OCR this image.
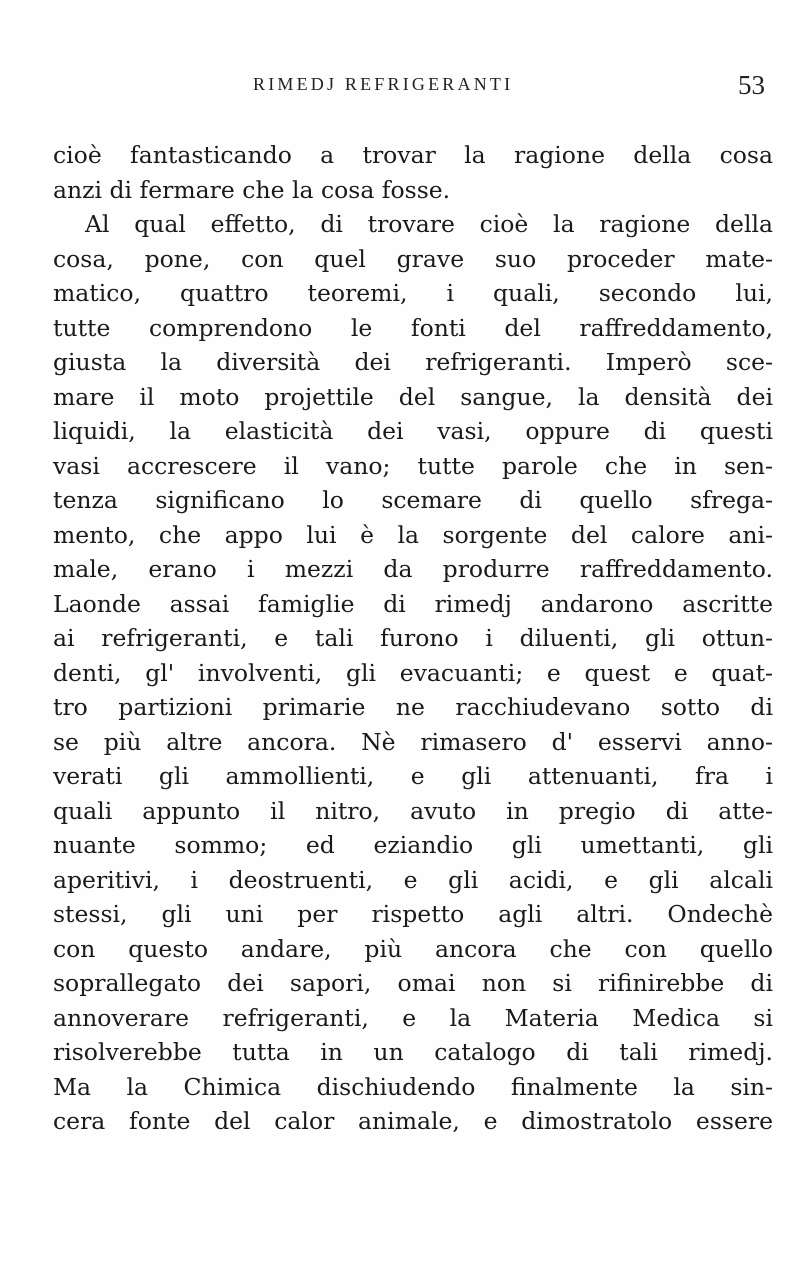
RIMEDJ REFRIGERANTI	53
cioè fantasticando a trovar la ragione della cosa
anzi di fermare che la cosa fosse.
Al qual effetto, di trovare cioè la ragione della
cosa, pone, con quel grave suo proceder mate-
matico, quattro teoremi, i quali, secondo lui,
tutte comprendono le fonti del raffreddamento,
giusta la diversità dei refrigeranti. Imperò sce-
mare il moto projettile del sangue, la densità dei
liquidi, la elasticità dei vasi, oppure di questi
vasi accrescere il vano; tutte parole che in sen-
tenza significano lo scemare di quello sfrega-
mento, che appo lui è la sorgente del calore ani-
male, erano i mezzi da produrre raffreddamento.
Laonde assai famiglie di rimedj andarono ascritte
ai refrigeranti, e tali furono i diluenti, gli ottun-
denti, gl' involventi, gli evacuanti; e quest e quat-
tro partizioni primarie ne racchiudevano sotto di
se più altre ancora. Nè rimasero d' esservi anno-
verati gli ammollienti, e gli attenuanti, fra i
quali appunto il nitro, avuto in pregio di atte-
nuante sommo; ed eziandio gli umettanti, gli
aperitivi, i deostruenti, e gli acidi, e gli alcali
stessi, gli uni per rispetto agli altri. Ondechè
con questo andare, più ancora che con quello
soprallegato dei sapori, omai non si rifinirebbe di
annoverare refrigeranti, e la Materia Medica si
risolverebbe tutta in un catalogo di tali rimedj.
Ma la Chimica dischiudendo finalmente la sin-
cera fonte del calor animale, e dimostratolo essere
